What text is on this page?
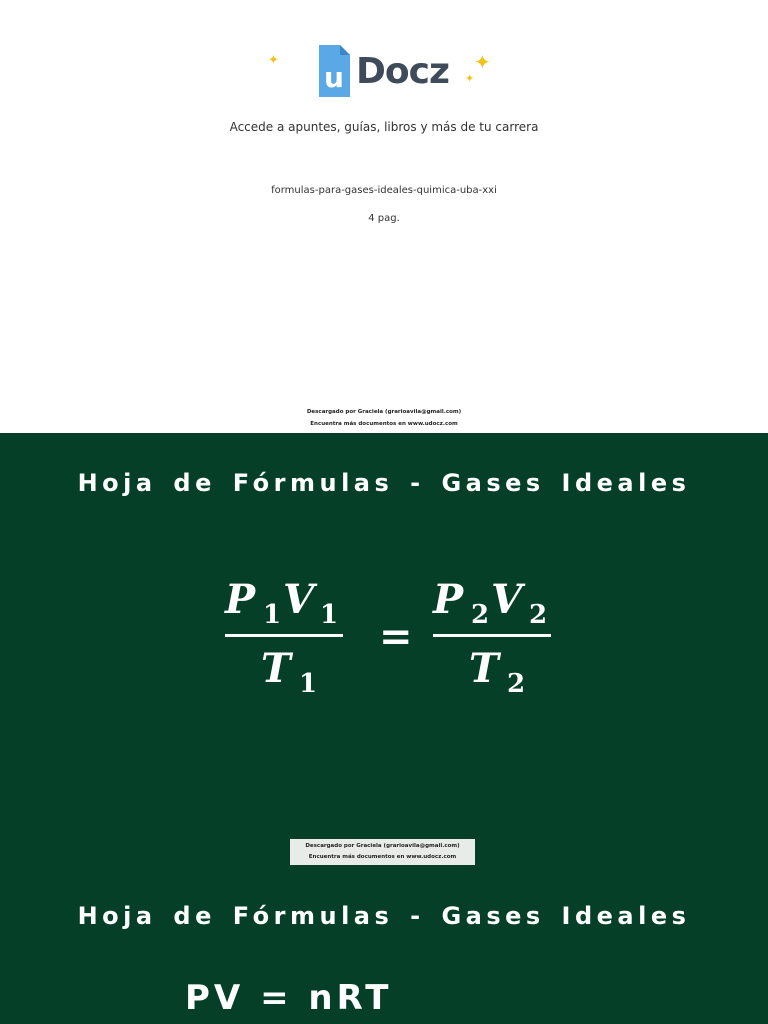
u Docz
✦	✦
✦
Accede a apuntes, guías, libros y más de tu carrera
formulas-para-gases-ideales-quimica-uba-xxi
4 pag.
Descargado por Graciela (grarioavila@gmail.com)
Encuentra más documentos en www.udocz.com
Hoja de Fórmulas - Gases Ideales
P 1 V 1
T 1
=
P 2 V 2
T 2
Descargado por Graciela (grarioavila@gmail.com)
Encuentra más documentos en www.udocz.com
Hoja de Fórmulas - Gases Ideales
PV = nRT
